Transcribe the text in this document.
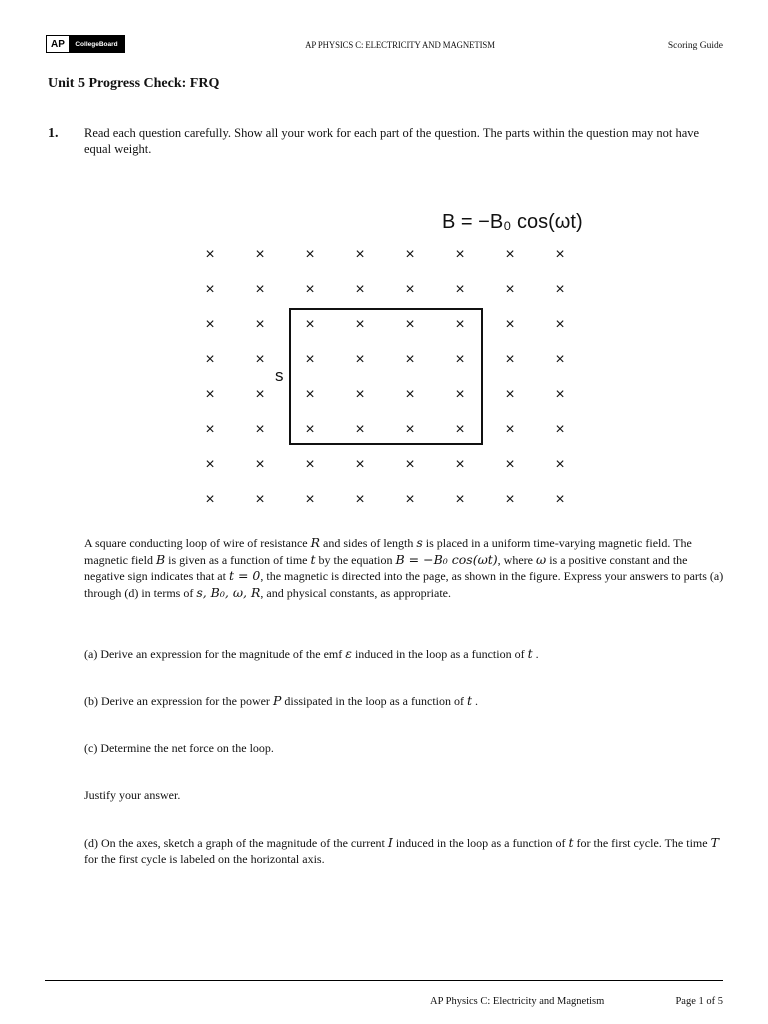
AP	CollegeBoard	AP PHYSICS C: ELECTRICITY AND MAGNETISM	Scoring Guide
Unit 5 Progress Check: FRQ
1. Read each question carefully. Show all your work for each part of the question. The parts within the question may not have equal weight.
B = −B₀ cos(ωt)
×	×	×	×	×	×	×	×
×	×	×	×	×	×	×	×
×	×	×	×	×	×	×	×
×	×	×	×	×	×	×	×
×	×	×	×	×	×	×	×
×	×	×	×	×	×	×	×
×	×	×	×	×	×	×	×
×	×	×	×	×	×	×	×
s
A square conducting loop of wire of resistance R and sides of length s is placed in a uniform time-varying magnetic field. The magnetic field B is given as a function of time t by the equation B = −B₀ cos(ωt), where ω is a positive constant and the negative sign indicates that at t = 0, the magnetic is directed into the page, as shown in the figure. Express your answers to parts (a) through (d) in terms of s, B₀, ω, R, and physical constants, as appropriate.
(a) Derive an expression for the magnitude of the emf ε induced in the loop as a function of t .
(b) Derive an expression for the power P dissipated in the loop as a function of t .
(c) Determine the net force on the loop.
Justify your answer.
(d) On the axes, sketch a graph of the magnitude of the current I induced in the loop as a function of t for the first cycle. The time T for the first cycle is labeled on the horizontal axis.
AP Physics C: Electricity and Magnetism	Page 1 of 5
